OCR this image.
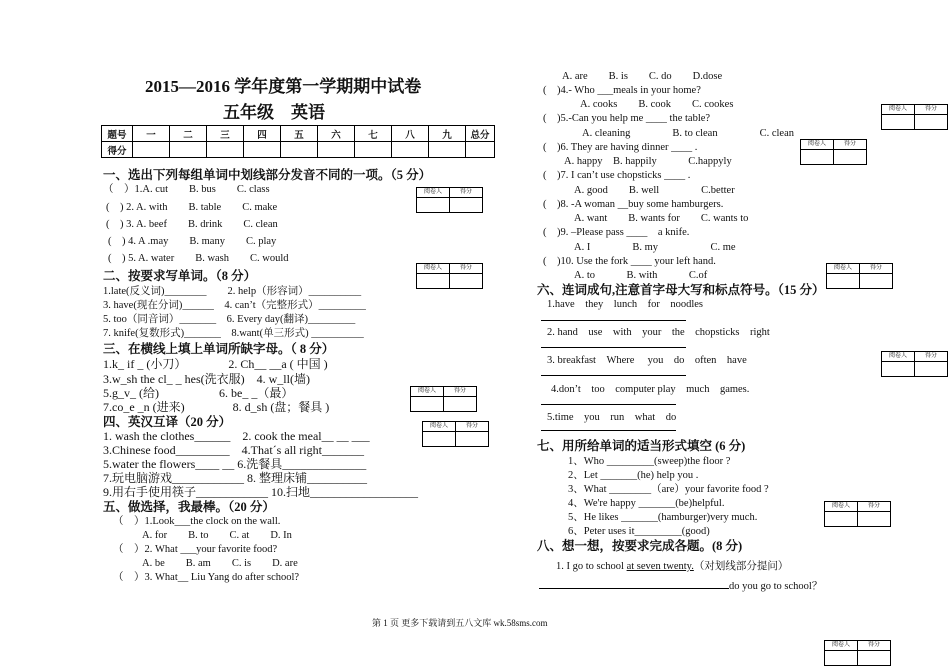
2015—2016 学年度第一学期期中试卷
五年级　英语
题号	一	二	三	四	五	六	七	八	九	总分
得分										
一、选出下列每组单词中划线部分发音不同的一项。（5 分）
（　）1.A. cut　　B. bus　　C. class
(　) 2. A. with　　B. table　　C. make
(　) 3. A. beef　　B. drink　　C. clean
(　) 4. A .may　　B. many　　C. play
(　) 5. A. water　　B. wash　　C. would
二、按要求写单词。（8 分）
1.late(反义词)________　　2. help（形容词）__________
3. have(现在分词)______　4. can’t（完整形式）_________
5. too（同音词）_______　6. Every day(翻译)_________
7. knife(复数形式)_______　8.want(单三形式) __________
三、在横线上填上单词所缺字母。（ 8 分）
1.k_ if _ (小刀）　　　　2. Ch__ __a ( 中国 )
3.w_sh the cl_ _ hes(洗衣服)　4. w_ll(墙)
5.g_v_ (给)　　　　　6. be_ _（最）
7.co_e _n (进来)　　　　8. d_sh (盘；餐具 )
四、英汉互译（20 分）
1. wash the clothes______　2. cook the meal__ __ ___
3.Chinese food_________　4.That´s all right_______
5.water the flowers____ __ 6.洗餐具______________
7.玩电脑游戏____________ 8. 整理床铺__________
9.用右手使用筷子____________ 10.扫地__________________
五、做选择，我最棒。（20 分）
（　）1.Look___the clock on the wall.
A. for　　B. to　　C. at　　D. In
（　）2. What ___your favorite food?
A. be　　B. am　　C. is　　D. are
（　）3. What__ Liu Yang do after school?
A. are　　B. is　　C. do　　D.dose
(　)4.- Who ___meals in your home?
A. cooks　　B. cook　　C. cookes
(　)5.-Can you help me ____ the table?
A. cleaning　　　　B. to clean　　　　C. clean
(　)6. They are having dinner ____ .
A. happy　B. happily　　　C.happyly
(　)7. I can’t use chopsticks ____ .
A. good　　B. well　　　　C.better
(　)8. -A woman __buy some hamburgers.
A. want　　B. wants for　　C. wants to
(　)9. –Please pass ____　a knife.
A. I　　　　B. my　　　　　C. me
(　)10. Use the fork ____ your left hand.
A. to　　　B. with　　　C.of
六、连词成句,注意首字母大写和标点符号。（15 分）
1.have　they　lunch　for　noodles
2. hand　use　with　your　the　chopsticks　right
3. breakfast　Where　 you　do　often　have
4.don’t　too　computer play　much　games.
5.time　you　run　what　do
七、用所给单词的适当形式填空 (6 分)
1、Who _________(sweep)the floor ?
2、Let _______(he) help you .
3、What ________（are）your favorite food ?
4、We're happy _______(be)helpful.
5、He likes _______(hamburger)very much.
6、Peter uses it_________(good)
八、想一想，按要求完成各题。(8 分)
1. I go to school at seven twenty.（对划线部分提问）
do you go to school？
第 1 页 更多下载请到五八文库 wk.58sms.com
阅卷人	得分

阅卷人	得分

阅卷人	得分

阅卷人	得分

阅卷人	得分

阅卷人	得分

阅卷人	得分

阅卷人	得分

阅卷人	得分

阅卷人	得分
